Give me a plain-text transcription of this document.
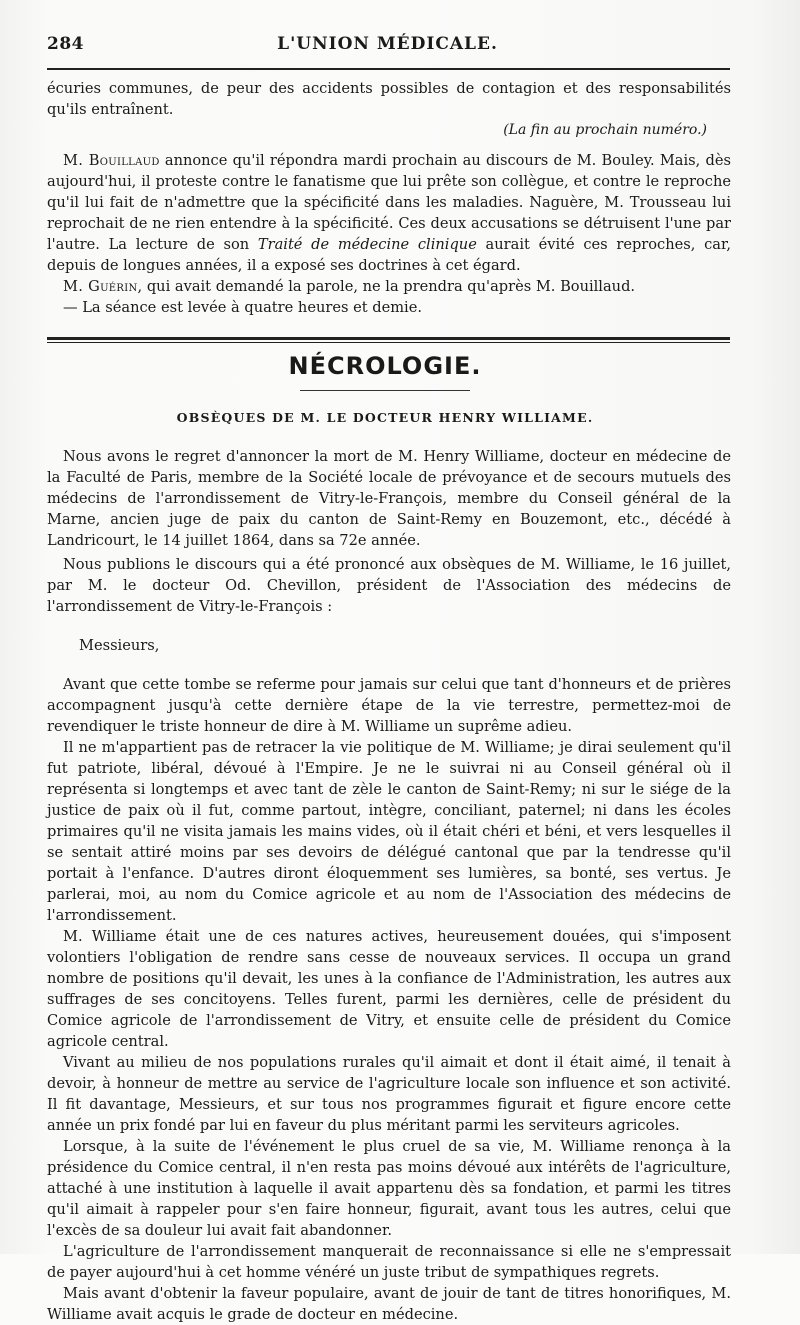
284	L'UNION MÉDICALE.

écuries communes, de peur des accidents possibles de contagion et des responsabilités qu'ils entraînent.

(La fin au prochain numéro.)

M. Bouillaud annonce qu'il répondra mardi prochain au discours de M. Bouley. Mais, dès aujourd'hui, il proteste contre le fanatisme que lui prête son collègue, et contre le reproche qu'il lui fait de n'admettre que la spécificité dans les maladies. Naguère, M. Trousseau lui reprochait de ne rien entendre à la spécificité. Ces deux accusations se détruisent l'une par l'autre. La lecture de son Traité de médecine clinique aurait évité ces reproches, car, depuis de longues années, il a exposé ses doctrines à cet égard.

M. Guérin, qui avait demandé la parole, ne la prendra qu'après M. Bouillaud.

— La séance est levée à quatre heures et demie.

NÉCROLOGIE.
OBSÈQUES DE M. LE DOCTEUR HENRY WILLIAME.

Nous avons le regret d'annoncer la mort de M. Henry Williame, docteur en médecine de la Faculté de Paris, membre de la Société locale de prévoyance et de secours mutuels des médecins de l'arrondissement de Vitry-le-François, membre du Conseil général de la Marne, ancien juge de paix du canton de Saint-Remy en Bouzemont, etc., décédé à Landricourt, le 14 juillet 1864, dans sa 72e année.

Nous publions le discours qui a été prononcé aux obsèques de M. Williame, le 16 juillet, par M. le docteur Od. Chevillon, président de l'Association des médecins de l'arrondissement de Vitry-le-François :

Messieurs,

Avant que cette tombe se referme pour jamais sur celui que tant d'honneurs et de prières accompagnent jusqu'à cette dernière étape de la vie terrestre, permettez-moi de revendiquer le triste honneur de dire à M. Williame un suprême adieu.

Il ne m'appartient pas de retracer la vie politique de M. Williame; je dirai seulement qu'il fut patriote, libéral, dévoué à l'Empire. Je ne le suivrai ni au Conseil général où il représenta si longtemps et avec tant de zèle le canton de Saint-Remy; ni sur le siége de la justice de paix où il fut, comme partout, intègre, conciliant, paternel; ni dans les écoles primaires qu'il ne visita jamais les mains vides, où il était chéri et béni, et vers lesquelles il se sentait attiré moins par ses devoirs de délégué cantonal que par la tendresse qu'il portait à l'enfance. D'autres diront éloquemment ses lumières, sa bonté, ses vertus. Je parlerai, moi, au nom du Comice agricole et au nom de l'Association des médecins de l'arrondissement.

M. Williame était une de ces natures actives, heureusement douées, qui s'imposent volontiers l'obligation de rendre sans cesse de nouveaux services. Il occupa un grand nombre de positions qu'il devait, les unes à la confiance de l'Administration, les autres aux suffrages de ses concitoyens. Telles furent, parmi les dernières, celle de président du Comice agricole de l'arrondissement de Vitry, et ensuite celle de président du Comice agricole central.

Vivant au milieu de nos populations rurales qu'il aimait et dont il était aimé, il tenait à devoir, à honneur de mettre au service de l'agriculture locale son influence et son activité. Il fit davantage, Messieurs, et sur tous nos programmes figurait et figure encore cette année un prix fondé par lui en faveur du plus méritant parmi les serviteurs agricoles.

Lorsque, à la suite de l'événement le plus cruel de sa vie, M. Williame renonça à la présidence du Comice central, il n'en resta pas moins dévoué aux intérêts de l'agriculture, attaché à une institution à laquelle il avait appartenu dès sa fondation, et parmi les titres qu'il aimait à rappeler pour s'en faire honneur, figurait, avant tous les autres, celui que l'excès de sa douleur lui avait fait abandonner.

L'agriculture de l'arrondissement manquerait de reconnaissance si elle ne s'empressait de payer aujourd'hui à cet homme vénéré un juste tribut de sympathiques regrets.

Mais avant d'obtenir la faveur populaire, avant de jouir de tant de titres honorifiques, M. Williame avait acquis le grade de docteur en médecine.
